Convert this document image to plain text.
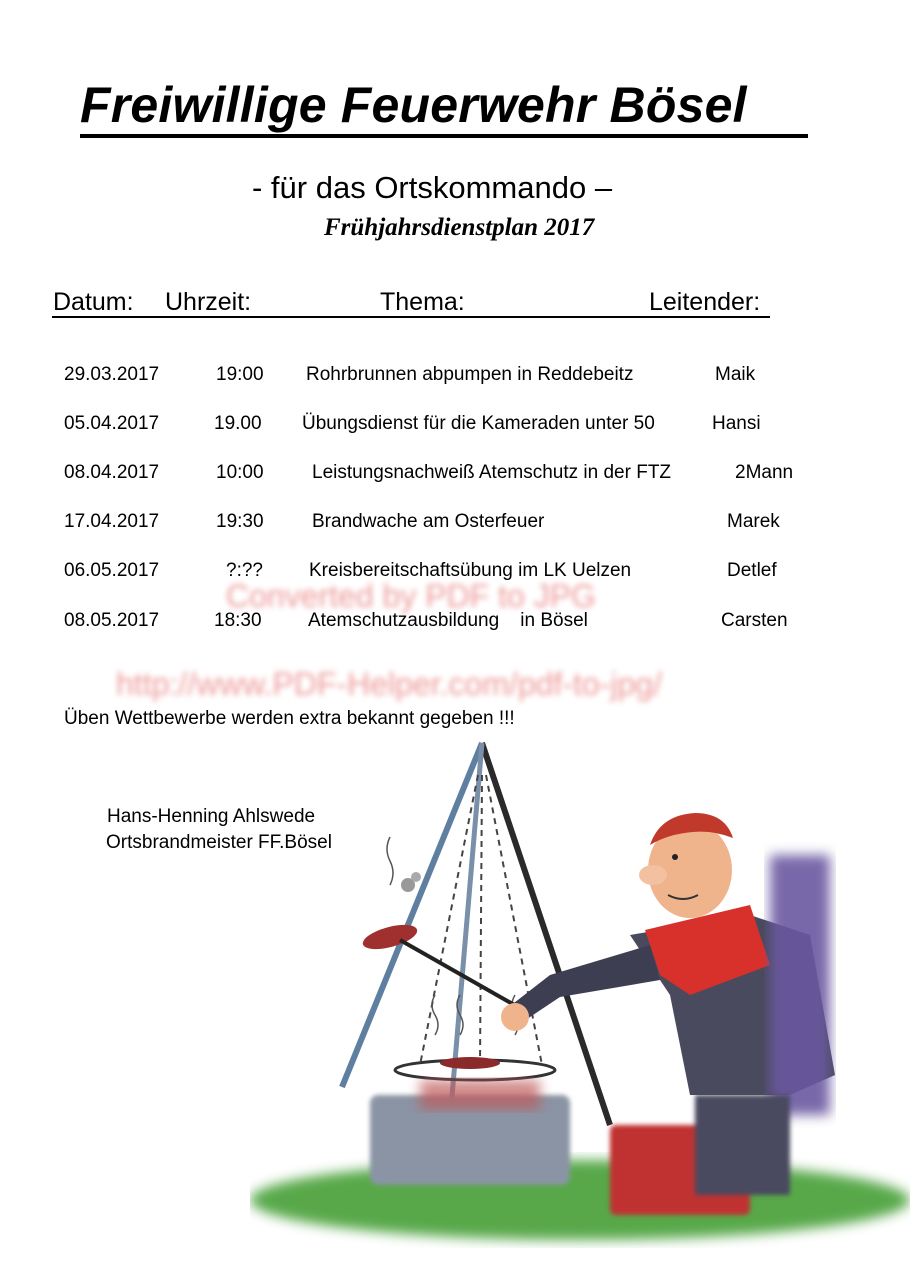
Freiwillige Feuerwehr Bösel
- für das Ortskommando –
Frühjahrsdienstplan 2017
Datum: Uhrzeit:	Thema:	Leitender:
29.03.2017	19:00 Rohrbrunnen abpumpen in Reddebeitz	Maik
05.04.2017	19.00 Übungsdienst für die Kameraden unter 50	Hansi
08.04.2017	10:00	Leistungsnachweiß Atemschutz in der FTZ	2Mann
17.04.2017	19:30	Brandwache am Osterfeuer	Marek
06.05.2017	?:?? Kreisbereitschaftsübung im LK Uelzen	Detlef
08.05.2017	18:30 Atemschutzausbildung    in Bösel	Carsten
Converted by PDF to JPG
http://www.PDF-Helper.com/pdf-to-jpg/
Üben Wettbewerbe werden extra bekannt gegeben !!!
Hans-Henning Ahlswede
Ortsbrandmeister FF.Bösel
